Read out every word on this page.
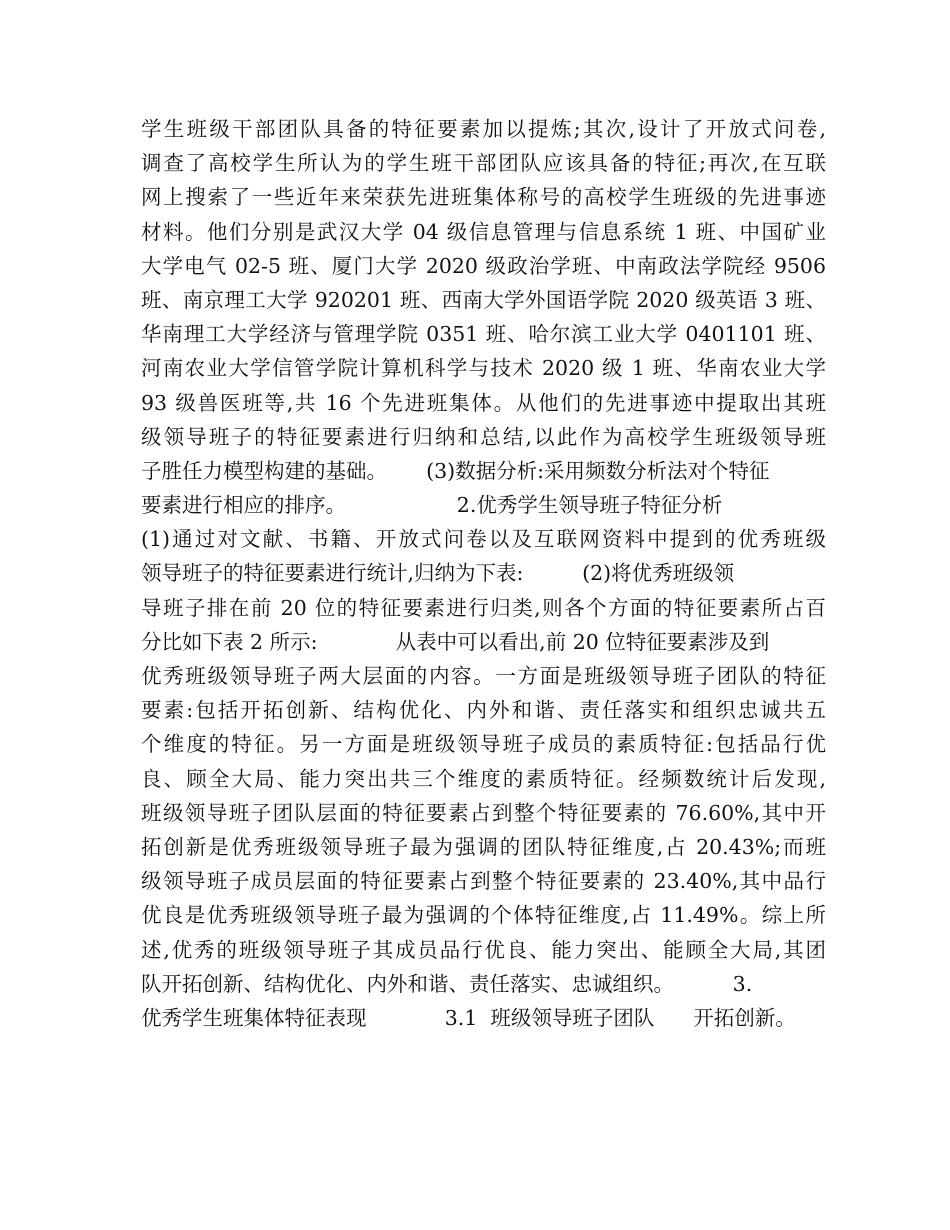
学生班级干部团队具备的特征要素加以提炼;其次,设计了开放式问卷,
调查了高校学生所认为的学生班干部团队应该具备的特征;再次,在互联
网上搜索了一些近年来荣获先进班集体称号的高校学生班级的先进事迹
材料。他们分别是武汉大学 04 级信息管理与信息系统 1 班、中国矿业
大学电气 02-5 班、厦门大学 2020 级政治学班、中南政法学院经 9506
班、南京理工大学 920201 班、西南大学外国语学院 2020 级英语 3 班、
华南理工大学经济与管理学院 0351 班、哈尔滨工业大学 0401101 班、
河南农业大学信管学院计算机科学与技术 2020 级 1 班、华南农业大学
93 级兽医班等,共 16 个先进班集体。从他们的先进事迹中提取出其班
级领导班子的特征要素进行归纳和总结,以此作为高校学生班级领导班
子胜任力模型构建的基础。      (3)数据分析:采用频数分析法对个特征
要素进行相应的排序。                 2.优秀学生领导班子特征分析
(1)通过对文献、书籍、开放式问卷以及互联网资料中提到的优秀班级
领导班子的特征要素进行统计,归纳为下表:         (2)将优秀班级领
导班子排在前 20 位的特征要素进行归类,则各个方面的特征要素所占百
分比如下表 2 所示:            从表中可以看出,前 20 位特征要素涉及到
优秀班级领导班子两大层面的内容。一方面是班级领导班子团队的特征
要素:包括开拓创新、结构优化、内外和谐、责任落实和组织忠诚共五
个维度的特征。另一方面是班级领导班子成员的素质特征:包括品行优
良、顾全大局、能力突出共三个维度的素质特征。经频数统计后发现,
班级领导班子团队层面的特征要素占到整个特征要素的 76.60%,其中开
拓创新是优秀班级领导班子最为强调的团队特征维度,占 20.43%;而班
级领导班子成员层面的特征要素占到整个特征要素的 23.40%,其中品行
优良是优秀班级领导班子最为强调的个体特征维度,占 11.49%。综上所
述,优秀的班级领导班子其成员品行优良、能力突出、能顾全大局,其团
队开拓创新、结构优化、内外和谐、责任落实、忠诚组织。         3.
优秀学生班集体特征表现            3.1  班级领导班子团队      开拓创新。
